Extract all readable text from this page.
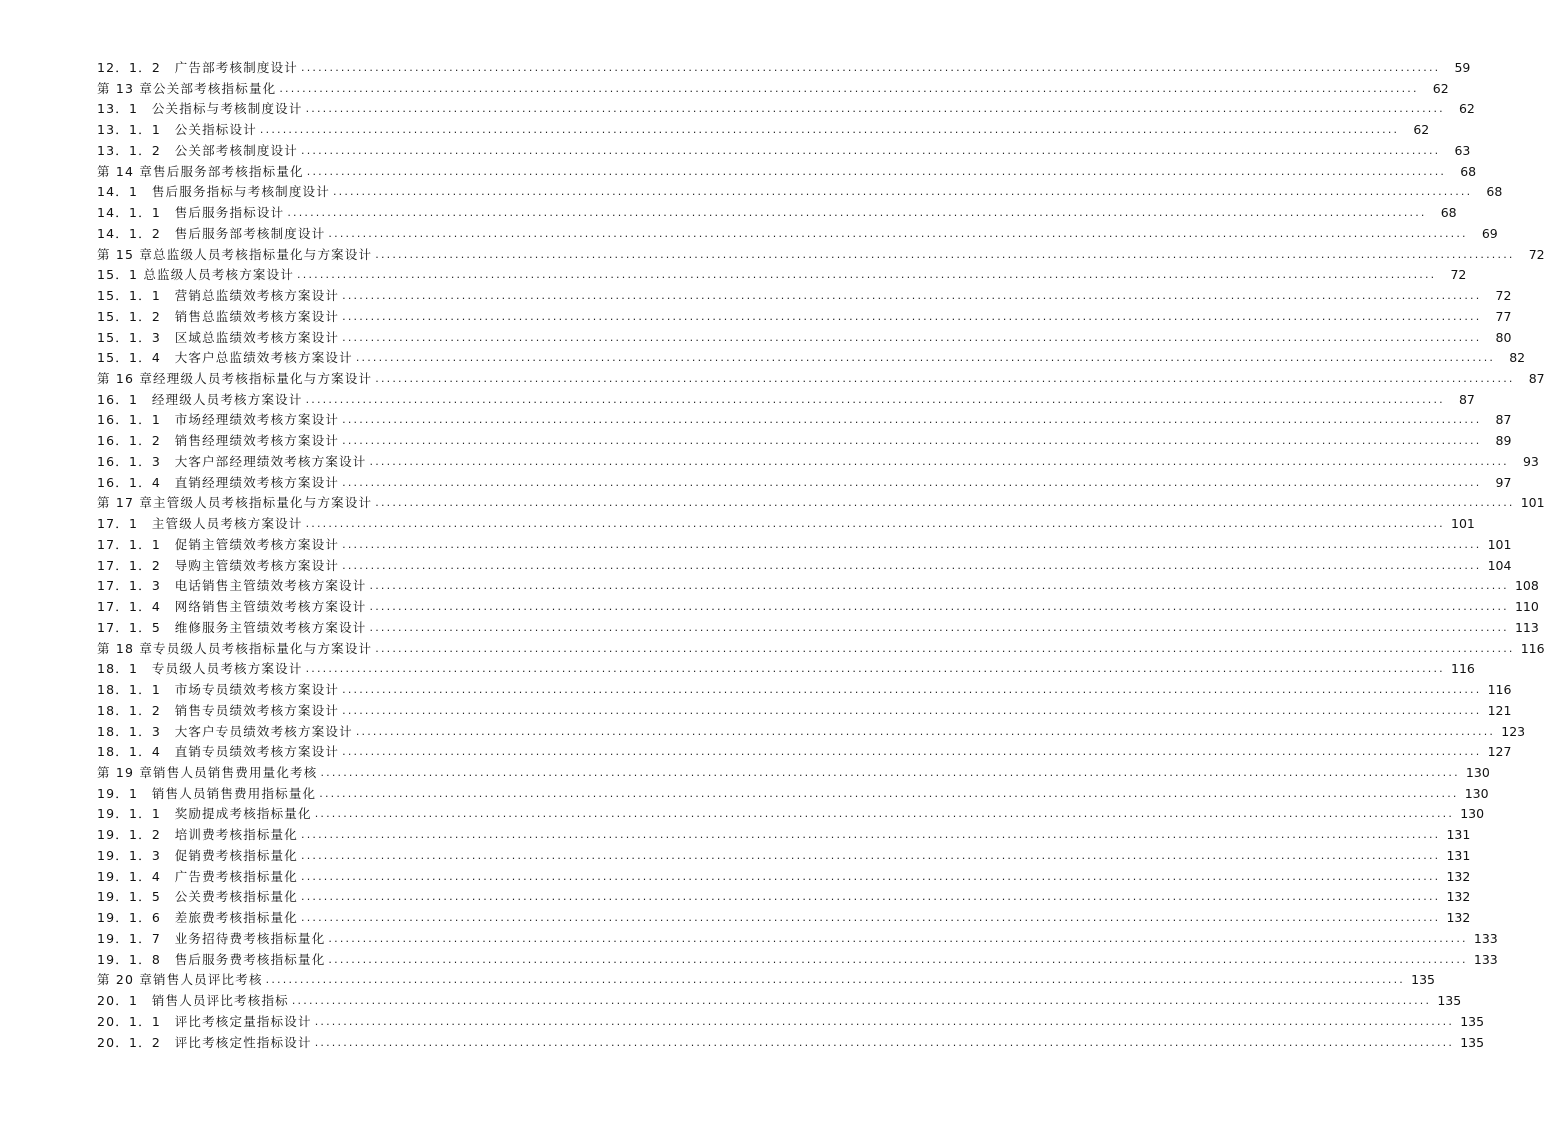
12．1．2　广告部考核制度设计 ........................................................................................................................................................................................................	59
第 13 章公关部考核指标量化 ........................................................................................................................................................................................................	62
13．1　公关指标与考核制度设计 ........................................................................................................................................................................................................	62
13．1．1　公关指标设计 ........................................................................................................................................................................................................	62
13．1．2　公关部考核制度设计 ........................................................................................................................................................................................................	63
第 14 章售后服务部考核指标量化 ........................................................................................................................................................................................................	68
14．1　售后服务指标与考核制度设计 ........................................................................................................................................................................................................	68
14．1．1　售后服务指标设计 ........................................................................................................................................................................................................	68
14．1．2　售后服务部考核制度设计 ........................................................................................................................................................................................................	69
第 15 章总监级人员考核指标量化与方案设计 ........................................................................................................................................................................................................	72
15．1 总监级人员考核方案设计 ........................................................................................................................................................................................................	72
15．1．1　营销总监绩效考核方案设计 ........................................................................................................................................................................................................	72
15．1．2　销售总监绩效考核方案设计 ........................................................................................................................................................................................................	77
15．1．3　区域总监绩效考核方案设计 ........................................................................................................................................................................................................	80
15．1．4　大客户总监绩效考核方案设计 ........................................................................................................................................................................................................	82
第 16 章经理级人员考核指标量化与方案设计 ........................................................................................................................................................................................................	87
16．1　经理级人员考核方案设计 ........................................................................................................................................................................................................	87
16．1．1　市场经理绩效考核方案设计 ........................................................................................................................................................................................................	87
16．1．2　销售经理绩效考核方案设计 ........................................................................................................................................................................................................	89
16．1．3　大客户部经理绩效考核方案设计 ........................................................................................................................................................................................................	93
16．1．4　直销经理绩效考核方案设计 ........................................................................................................................................................................................................	97
第 17 章主管级人员考核指标量化与方案设计 ........................................................................................................................................................................................................ 101
17．1　主管级人员考核方案设计 ........................................................................................................................................................................................................ 101
17．1．1　促销主管绩效考核方案设计 ........................................................................................................................................................................................................ 101
17．1．2　导购主管绩效考核方案设计 ........................................................................................................................................................................................................ 104
17．1．3　电话销售主管绩效考核方案设计 ........................................................................................................................................................................................................ 108
17．1．4　网络销售主管绩效考核方案设计 ........................................................................................................................................................................................................ 110
17．1．5　维修服务主管绩效考核方案设计 ........................................................................................................................................................................................................ 113
第 18 章专员级人员考核指标量化与方案设计 ........................................................................................................................................................................................................ 116
18．1　专员级人员考核方案设计 ........................................................................................................................................................................................................ 116
18．1．1　市场专员绩效考核方案设计 ........................................................................................................................................................................................................ 116
18．1．2　销售专员绩效考核方案设计 ........................................................................................................................................................................................................ 121
18．1．3　大客户专员绩效考核方案设计 ........................................................................................................................................................................................................ 123
18．1．4　直销专员绩效考核方案设计 ........................................................................................................................................................................................................ 127
第 19 章销售人员销售费用量化考核 ........................................................................................................................................................................................................ 130
19．1　销售人员销售费用指标量化 ........................................................................................................................................................................................................ 130
19．1．1　奖励提成考核指标量化 ........................................................................................................................................................................................................ 130
19．1．2　培训费考核指标量化 ........................................................................................................................................................................................................ 131
19．1．3　促销费考核指标量化 ........................................................................................................................................................................................................ 131
19．1．4　广告费考核指标量化 ........................................................................................................................................................................................................ 132
19．1．5　公关费考核指标量化 ........................................................................................................................................................................................................ 132
19．1．6　差旅费考核指标量化 ........................................................................................................................................................................................................ 132
19．1．7　业务招待费考核指标量化 ........................................................................................................................................................................................................ 133
19．1．8　售后服务费考核指标量化 ........................................................................................................................................................................................................ 133
第 20 章销售人员评比考核 ........................................................................................................................................................................................................ 135
20．1　销售人员评比考核指标 ........................................................................................................................................................................................................ 135
20．1．1　评比考核定量指标设计 ........................................................................................................................................................................................................ 135
20．1．2　评比考核定性指标设计 ........................................................................................................................................................................................................ 135
